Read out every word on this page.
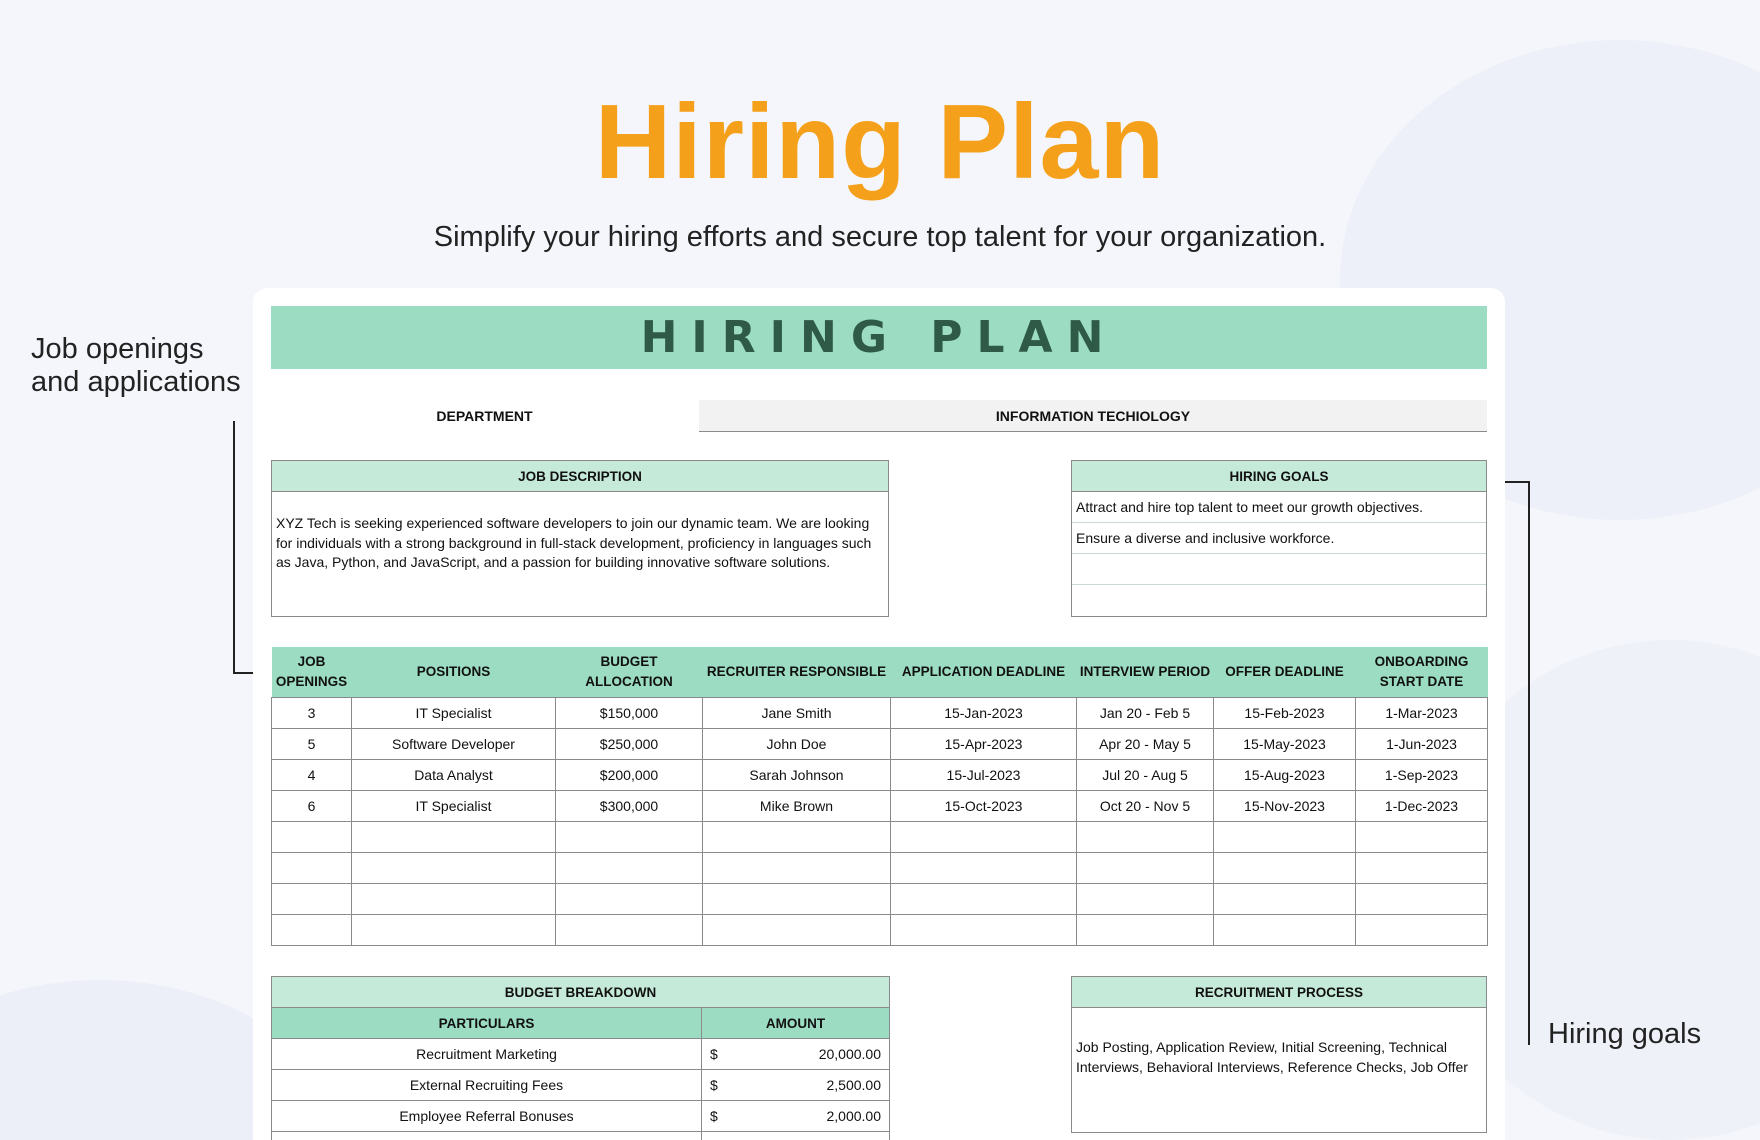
Hiring Plan
Simplify your hiring efforts and secure top talent for your organization.
Job openings
and applications
Hiring goals
HIRING PLAN
DEPARTMENT	INFORMATION TECHIOLOGY
JOB DESCRIPTION
XYZ Tech is seeking experienced software developers to join our dynamic team. We are looking for individuals with a strong background in full-stack development, proficiency in languages such as Java, Python, and JavaScript, and a passion for building innovative software solutions.
HIRING GOALS
Attract and hire top talent to meet our growth objectives.
Ensure a diverse and inclusive workforce.
JOB OPENINGS	POSITIONS	BUDGET ALLOCATION	RECRUITER RESPONSIBLE	APPLICATION DEADLINE	INTERVIEW PERIOD	OFFER DEADLINE	ONBOARDING START DATE
3	IT Specialist	$150,000	Jane Smith	15-Jan-2023	Jan 20 - Feb 5	15-Feb-2023	1-Mar-2023
5	Software Developer	$250,000	John Doe	15-Apr-2023	Apr 20 - May 5	15-May-2023	1-Jun-2023
4	Data Analyst	$200,000	Sarah Johnson	15-Jul-2023	Jul 20 - Aug 5	15-Aug-2023	1-Sep-2023
6	IT Specialist	$300,000	Mike Brown	15-Oct-2023	Oct 20 - Nov 5	15-Nov-2023	1-Dec-2023

BUDGET BREAKDOWN	
PARTICULARS	AMOUNT
Recruitment Marketing	$ 20,000.00

External Recruiting Fees	$ 2,500.00

Employee Referral Bonuses	$ 2,000.00

RECRUITMENT PROCESS
Job Posting, Application Review, Initial Screening, Technical Interviews, Behavioral Interviews, Reference Checks, Job Offer
